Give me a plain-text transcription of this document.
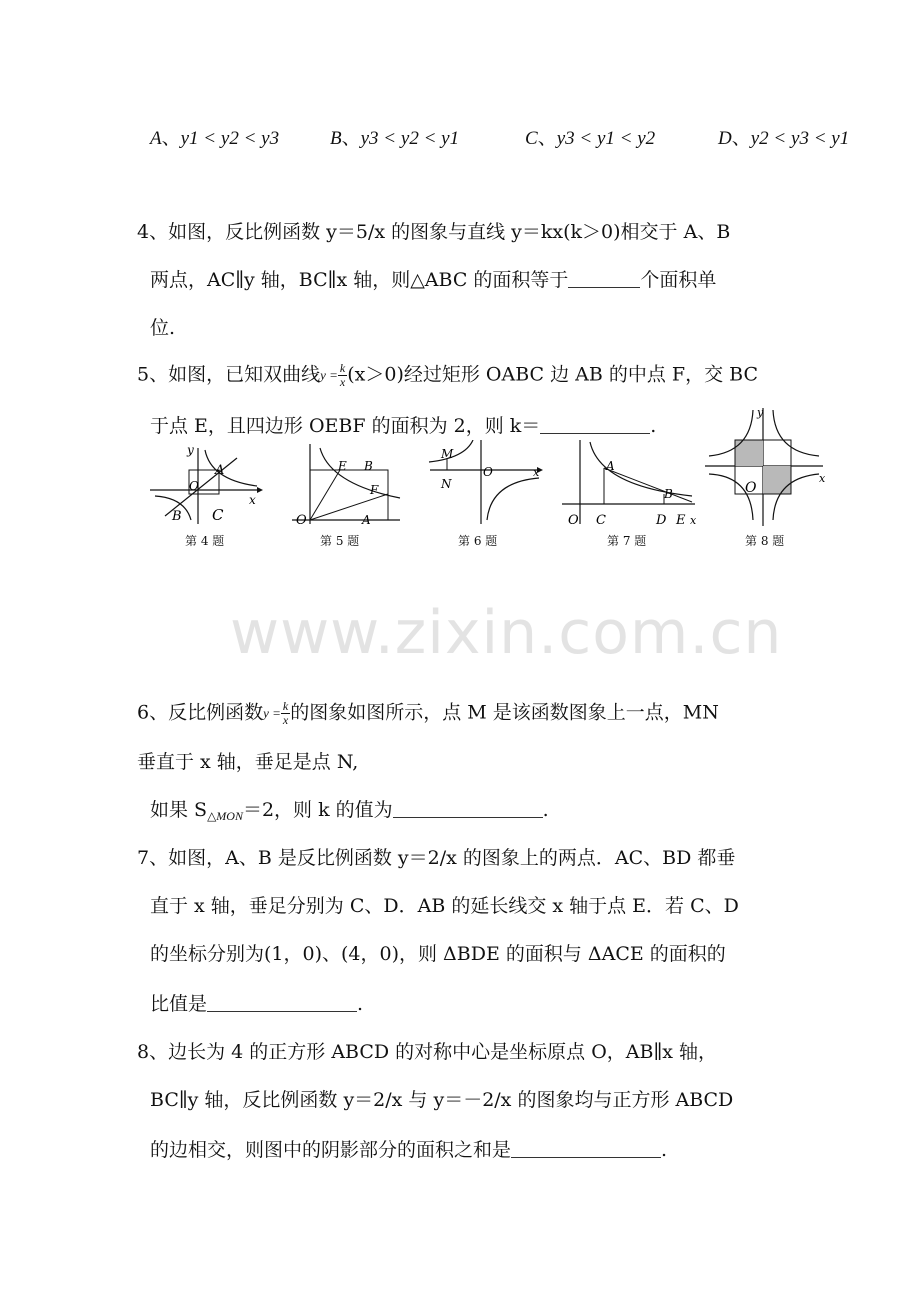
A、y1 < y2 < y3	B、y3 < y2 < y1	C、y3 < y1 < y2	D、y2 < y3 < y1
4、如图，反比例函数 y＝5/x 的图象与直线 y＝kx(k＞0)相交于 A、B
两点，AC∥y 轴，BC∥x 轴，则△ABC 的面积等于	个面积单
位.
5、如图，已知双曲线$y = \frac{k}{x} (x>0)$经过矩形 OABC 边 AB 的中点 F，交 BC
于点 E，且四边形 OEBF 的面积为 2，则 k＝	.
y
A
O
x
B C
E B
F
O	A
M
N
O	x	A
B
O C	D E x
y
O
x
第 4 题	第 5 题	第 6 题	第 7 题	第 8 题
www.zixin.com.cn
6、反比例函数$y = \frac{k}{x}$ 的图象如图所示，点 M 是该函数图象上一点，MN
垂直于 x 轴，垂足是点 N,
如果 $S_{\triangle MON}=2$，则 k 的值为	.
7、如图，A、B 是反比例函数 y＝2/x 的图象上的两点．AC、BD 都垂
直于 x 轴，垂足分别为 C、D．AB 的延长线交 x 轴于点 E．若 C、D
的坐标分别为(1，0)、(4，0)，则 ΔBDE 的面积与 ΔACE 的面积的
比值是	.
8、边长为 4 的正方形 ABCD 的对称中心是坐标原点 O，AB∥x 轴，
BC∥y 轴，反比例函数 y＝2/x 与 y＝－2/x 的图象均与正方形 ABCD
的边相交，则图中的阴影部分的面积之和是	.
